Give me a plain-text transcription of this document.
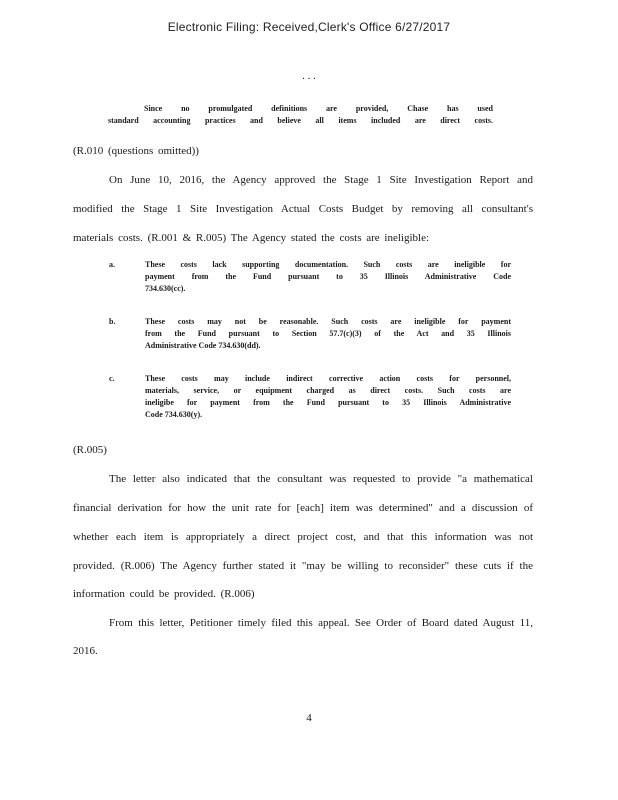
Electronic Filing: Received,Clerk's Office 6/27/2017
. . .
Since no promulgated definitions are provided, Chase has used
standard accounting practices and believe all items included are direct costs.
(R.010 (questions omitted))
On June 10, 2016, the Agency approved the Stage 1 Site Investigation Report and
modified the Stage 1 Site Investigation Actual Costs Budget by removing all consultant's
materials costs. (R.001 & R.005) The Agency stated the costs are ineligible:
a.	These costs lack supporting documentation. Such costs are ineligible for
payment from the Fund pursuant to 35 Illinois Administrative Code
734.630(cc).
b.	These costs may not be reasonable. Such costs are ineligible for payment
from the Fund pursuant to Section 57.7(c)(3) of the Act and 35 Illinois
Administrative Code 734.630(dd).
c.	These costs may include indirect corrective action costs for personnel,
materials, service, or equipment charged as direct costs. Such costs are
ineligibe for payment from the Fund pursuant to 35 Illinois Administrative
Code 734.630(y).
(R.005)
The letter also indicated that the consultant was requested to provide "a mathematical
financial derivation for how the unit rate for [each] item was determined" and a discussion of
whether each item is appropriately a direct project cost, and that this information was not
provided. (R.006) The Agency further stated it "may be willing to reconsider" these cuts if the
information could be provided. (R.006)
From this letter, Petitioner timely filed this appeal. See Order of Board dated August 11,
2016.
4
